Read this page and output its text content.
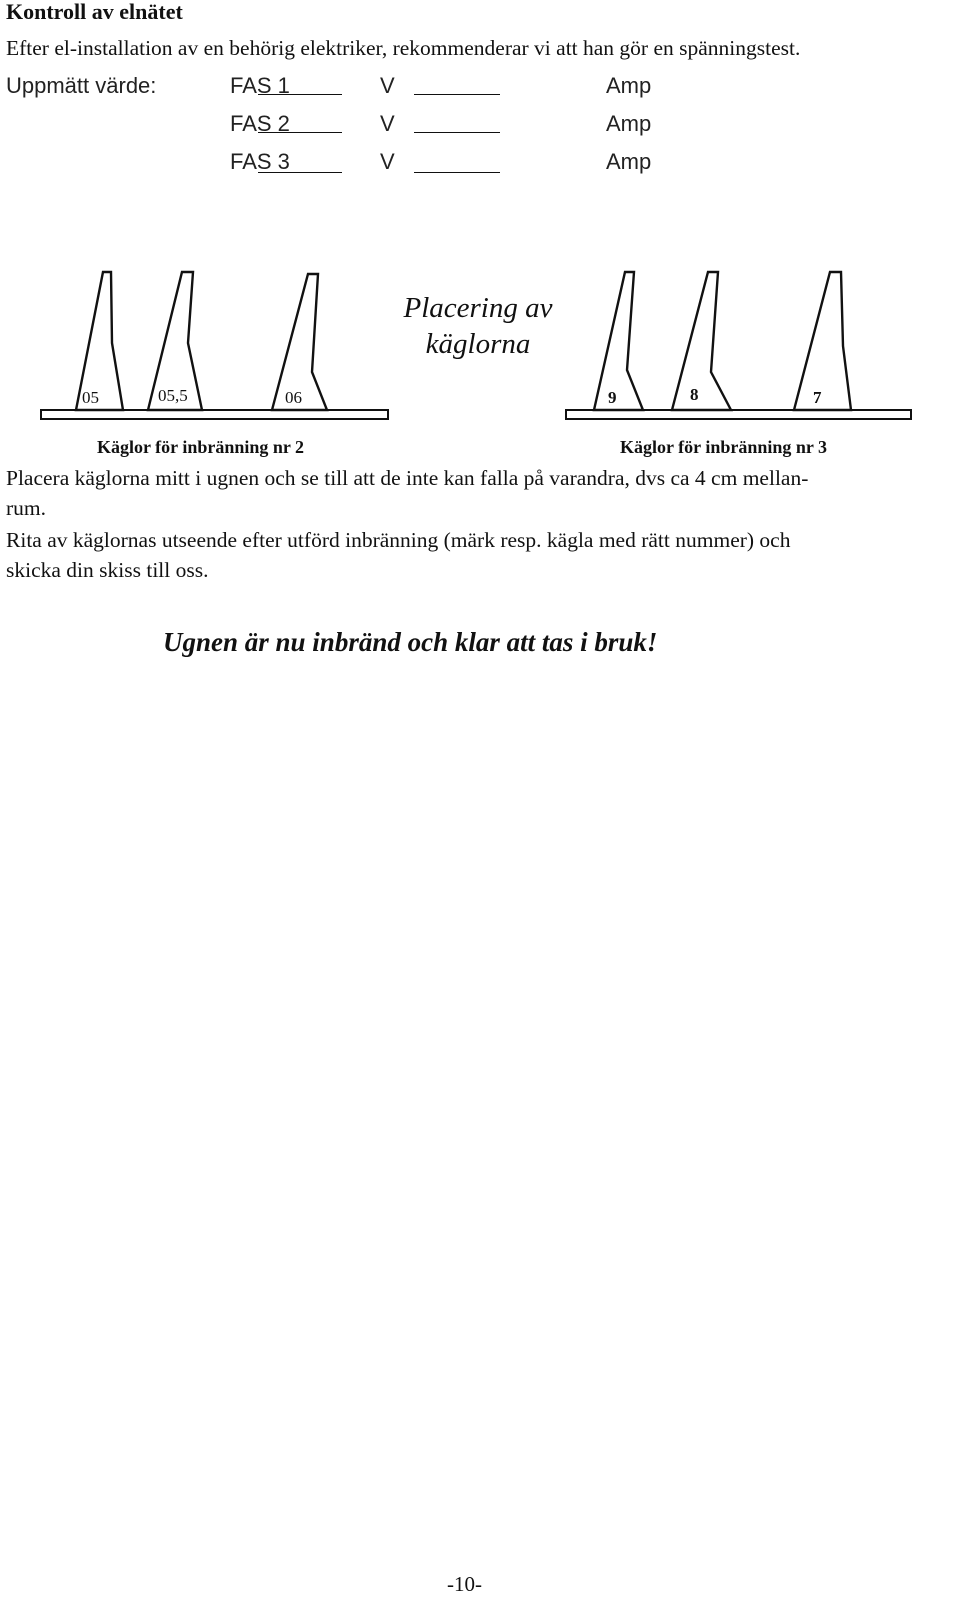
Kontroll av elnätet
Efter el-installation av en behörig elektriker, rekommenderar vi att han gör en spänningstest.
Uppmätt värde:	FAS 1	V	Amp
FAS 2	V	Amp
FAS 3	V	Amp
Placering av käglorna
05	05,5	06	9	8	7
Käglor för inbränning nr 2	Käglor för inbränning nr 3
Placera käglorna mitt i ugnen och se till att de inte kan falla på varandra, dvs ca 4 cm mellan-
rum.
Rita av käglornas utseende efter utförd inbränning (märk resp. kägla med rätt nummer) och
skicka din skiss till oss.
Ugnen är nu inbränd och klar att tas i bruk!
-10-
